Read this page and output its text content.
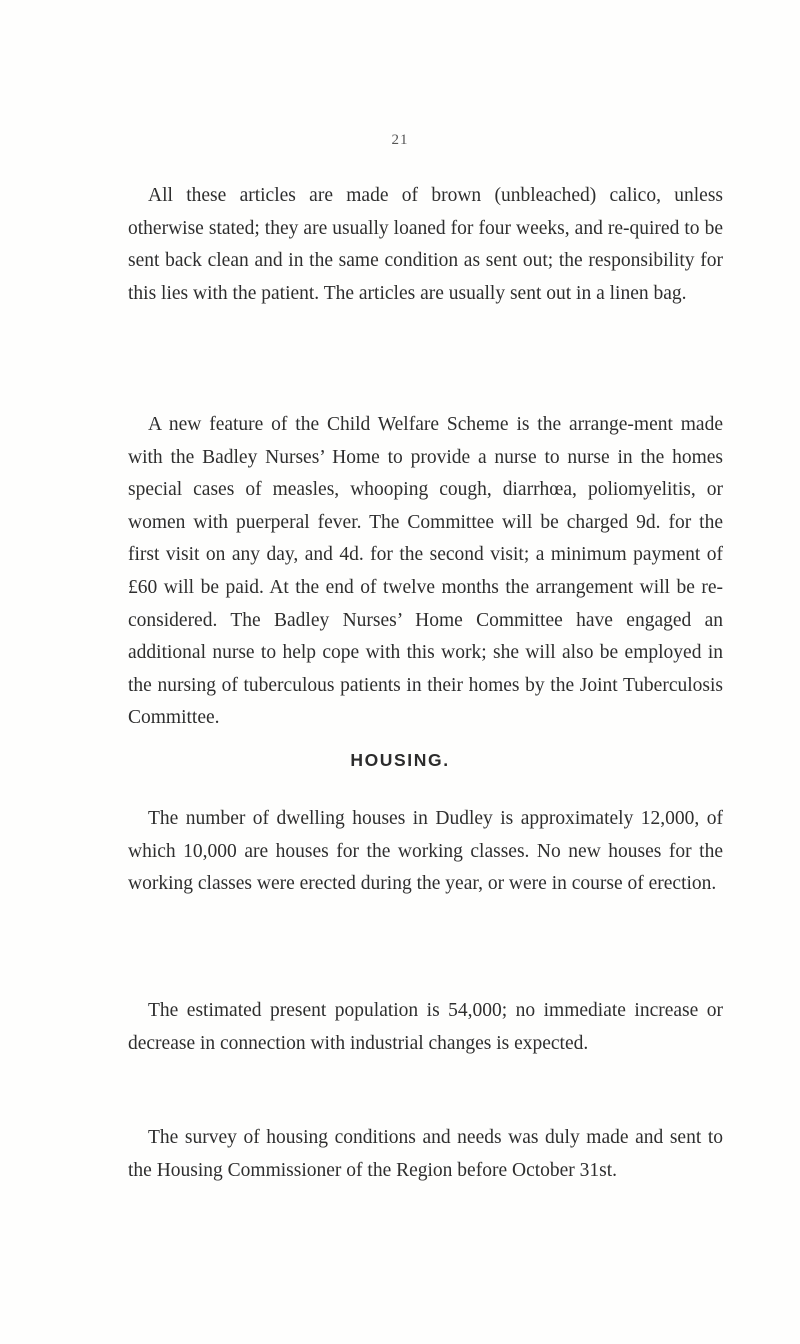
21

All these articles are made of brown (unbleached) calico, unless otherwise stated; they are usually loaned for four weeks, and re-quired to be sent back clean and in the same condition as sent out; the responsibility for this lies with the patient. The articles are usually sent out in a linen bag.

A new feature of the Child Welfare Scheme is the arrange-ment made with the Badley Nurses’ Home to provide a nurse to nurse in the homes special cases of measles, whooping cough, diarrhœa, poliomyelitis, or women with puerperal fever. The Committee will be charged 9d. for the first visit on any day, and 4d. for the second visit; a minimum payment of £60 will be paid. At the end of twelve months the arrangement will be re-considered. The Badley Nurses’ Home Committee have engaged an additional nurse to help cope with this work; she will also be employed in the nursing of tuberculous patients in their homes by the Joint Tuberculosis Committee.

HOUSING.

The number of dwelling houses in Dudley is approximately 12,000, of which 10,000 are houses for the working classes. No new houses for the working classes were erected during the year, or were in course of erection.

The estimated present population is 54,000; no immediate increase or decrease in connection with industrial changes is expected.

The survey of housing conditions and needs was duly made and sent to the Housing Commissioner of the Region before October 31st.
